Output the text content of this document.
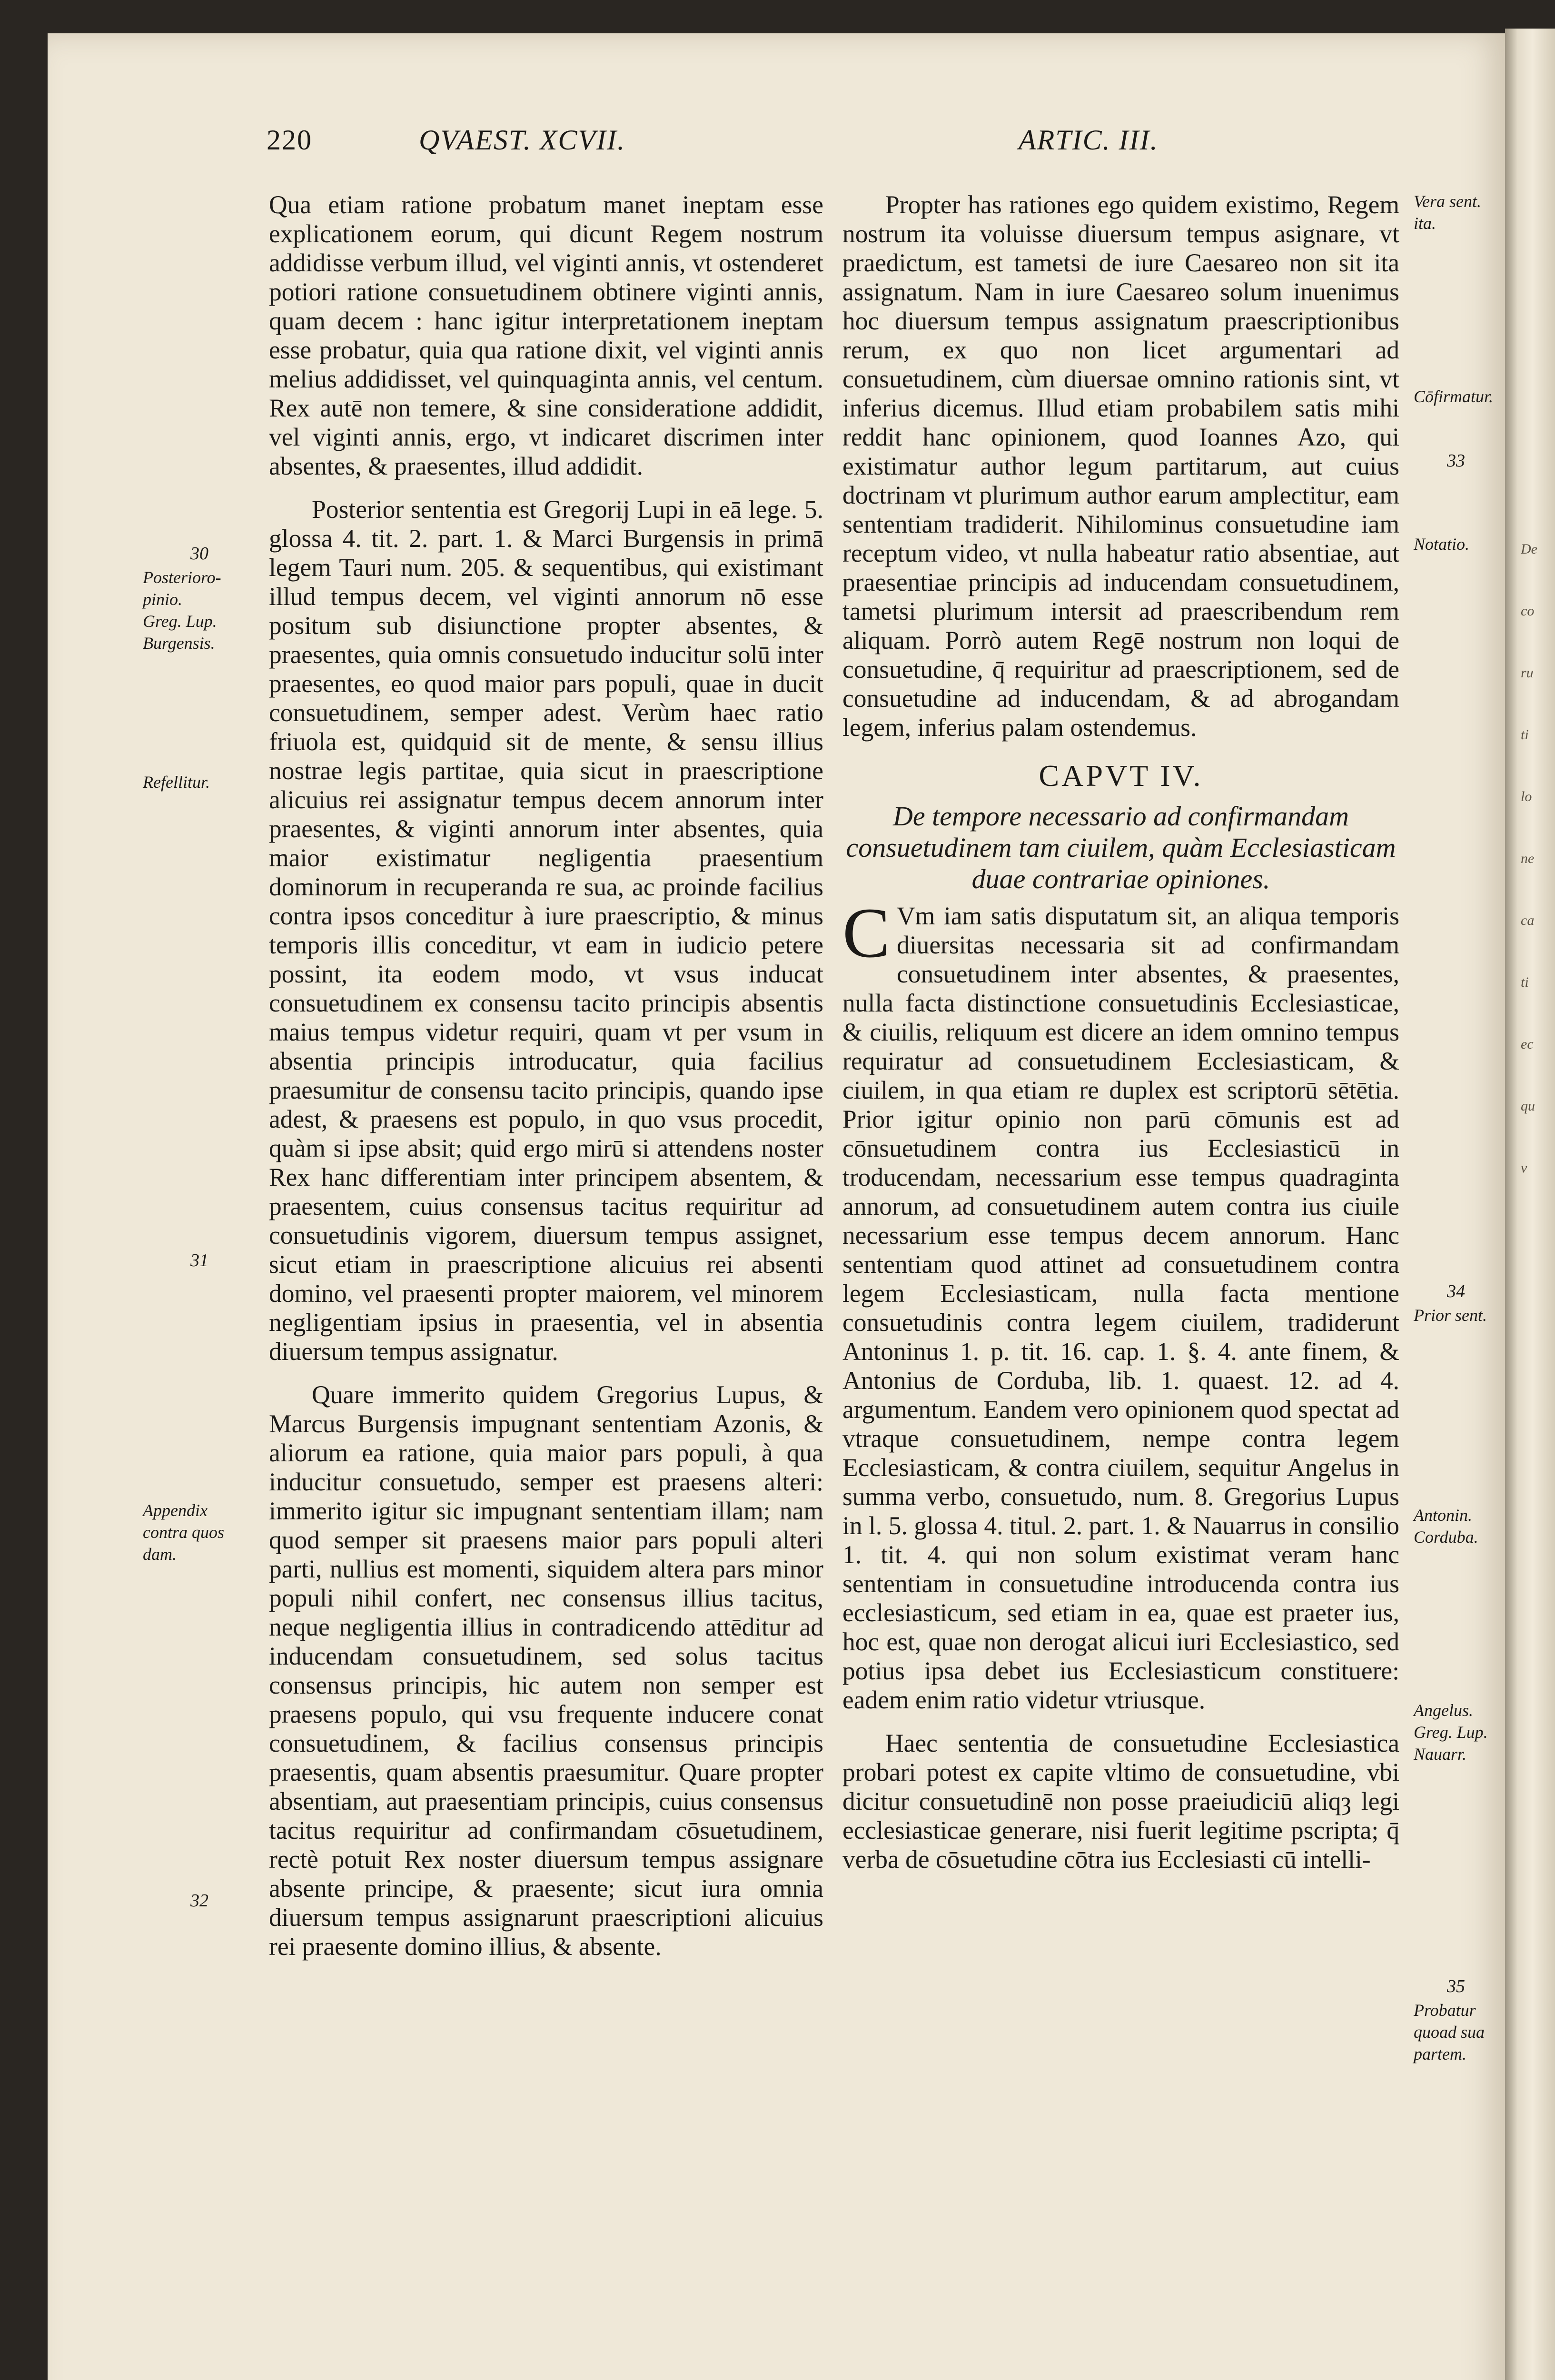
De
co
ru
ti
lo
ne
ca
ti
ec
qu
v
220	QVAEST. XCVII.	ARTIC. III.
30
Posterioro-
pinio.
Greg. Lup.
Burgensis.
Refellitur.
31
Appendix
contra quos
dam.
32
Vera sent.
ita.
Cōfirmatur.
33
Notatio.
34
Prior sent.
Antonin.
Corduba.
Angelus.
Greg. Lup.
Nauarr.
35
Probatur
quoad sua
partem.

Qua etiam ratione probatum manet ineptam esse explicationem eorum, qui dicunt Regem nostrum addidisse verbum illud, vel viginti annis, vt ostenderet potiori ratione consuetudinem obtinere viginti annis, quam decem : hanc igitur interpretationem ineptam esse probatur, quia qua ratione dixit, vel viginti annis melius addidisset, vel quinquaginta annis, vel centum. Rex autē non temere, & sine consideratione addidit, vel viginti annis, ergo, vt indicaret discrimen inter absentes, & praesentes, illud addidit.

Posterior sententia est Gregorij Lupi in eā lege. 5. glossa 4. tit. 2. part. 1. & Marci Burgensis in primā legem Tauri num. 205. & sequentibus, qui existimant illud tempus decem, vel viginti annorum nō esse positum sub disiunctione propter absentes, & praesentes, quia omnis consuetudo inducitur solū inter praesentes, eo quod maior pars populi, quae in ducit consuetudinem, semper adest. Verùm haec ratio friuola est, quidquid sit de mente, & sensu illius nostrae legis partitae, quia sicut in praescriptione alicuius rei assignatur tempus decem annorum inter praesentes, & viginti annorum inter absentes, quia maior existimatur negligentia praesentium dominorum in recuperanda re sua, ac proinde facilius contra ipsos conceditur à iure praescriptio, & minus temporis illis conceditur, vt eam in iudicio petere possint, ita eodem modo, vt vsus inducat consuetudinem ex consensu tacito principis absentis maius tempus videtur requiri, quam vt per vsum in absentia principis introducatur, quia facilius praesumitur de consensu tacito principis, quando ipse adest, & praesens est populo, in quo vsus procedit, quàm si ipse absit; quid ergo mirū si attendens noster Rex hanc differentiam inter principem absentem, & praesentem, cuius consensus tacitus requiritur ad consuetudinis vigorem, diuersum tempus assignet, sicut etiam in praescriptione alicuius rei absenti domino, vel praesenti propter maiorem, vel minorem negligentiam ipsius in praesentia, vel in absentia diuersum tempus assignatur.

Quare immerito quidem Gregorius Lupus, & Marcus Burgensis impugnant sententiam Azonis, & aliorum ea ratione, quia maior pars populi, à qua inducitur consuetudo, semper est praesens alteri: immerito igitur sic impugnant sententiam illam; nam quod semper sit praesens maior pars populi alteri parti, nullius est momenti, siquidem altera pars minor populi nihil confert, nec consensus illius tacitus, neque negligentia illius in contradicendo attēditur ad inducendam consuetudinem, sed solus tacitus consensus principis, hic autem non semper est praesens populo, qui vsu frequente inducere conat consuetudinem, & facilius consensus principis praesentis, quam absentis praesumitur. Quare propter absentiam, aut praesentiam principis, cuius consensus tacitus requiritur ad confirmandam cōsuetudinem, rectè potuit Rex noster diuersum tempus assignare absente principe, & praesente; sicut iura omnia diuersum tempus assignarunt praescriptioni alicuius rei praesente domino illius, & absente.

Propter has rationes ego quidem existimo, Regem nostrum ita voluisse diuersum tempus asignare, vt praedictum, est tametsi de iure Caesareo non sit ita assignatum. Nam in iure Caesareo solum inuenimus hoc diuersum tempus assignatum praescriptionibus rerum, ex quo non licet argumentari ad consuetudinem, cùm diuersae omnino rationis sint, vt inferius dicemus. Illud etiam probabilem satis mihi reddit hanc opinionem, quod Ioannes Azo, qui existimatur author legum partitarum, aut cuius doctrinam vt plurimum author earum amplectitur, eam sententiam tradiderit. Nihilominus consuetudine iam receptum video, vt nulla habeatur ratio absentiae, aut praesentiae principis ad inducendam consuetudinem, tametsi plurimum intersit ad praescribendum rem aliquam. Porrò autem Regē nostrum non loqui de consuetudine, q̄ requiritur ad praescriptionem, sed de consuetudine ad inducendam, & ad abrogandam legem, inferius palam ostendemus.

CAPVT IV.
De tempore necessario ad confirmandam consuetudinem tam ciuilem, quàm Ecclesiasticam duae contrariae opiniones.

C Vm iam satis disputatum sit, an aliqua temporis diuersitas necessaria sit ad confirmandam consuetudinem inter absentes, & praesentes, nulla facta distinctione consuetudinis Ecclesiasticae, & ciuilis, reliquum est dicere an idem omnino tempus requiratur ad consuetudinem Ecclesiasticam, & ciuilem, in qua etiam re duplex est scriptorū sētētia. Prior igitur opinio non parū cōmunis est ad cōnsuetudinem contra ius Ecclesiasticū in troducendam, necessarium esse tempus quadraginta annorum, ad consuetudinem autem contra ius ciuile necessarium esse tempus decem annorum. Hanc sententiam quod attinet ad consuetudinem contra legem Ecclesiasticam, nulla facta mentione consuetudinis contra legem ciuilem, tradiderunt Antoninus 1. p. tit. 16. cap. 1. §. 4. ante finem, & Antonius de Corduba, lib. 1. quaest. 12. ad 4. argumentum. Eandem vero opinionem quod spectat ad vtraque consuetudinem, nempe contra legem Ecclesiasticam, & contra ciuilem, sequitur Angelus in summa verbo, consuetudo, num. 8. Gregorius Lupus in l. 5. glossa 4. titul. 2. part. 1. & Nauarrus in consilio 1. tit. 4. qui non solum existimat veram hanc sententiam in consuetudine introducenda contra ius ecclesiasticum, sed etiam in ea, quae est praeter ius, hoc est, quae non derogat alicui iuri Ecclesiastico, sed potius ipsa debet ius Ecclesiasticum constituere: eadem enim ratio videtur vtriusque.

Haec sententia de consuetudine Ecclesiastica probari potest ex capite vltimo de consuetudine, vbi dicitur consuetudinē non posse praeiudiciū aliqȝ legi ecclesiasticae generare, nisi fuerit legitime pscripta; q̄ verba de cōsuetudine cōtra ius Ecclesiasti cū intelli-
